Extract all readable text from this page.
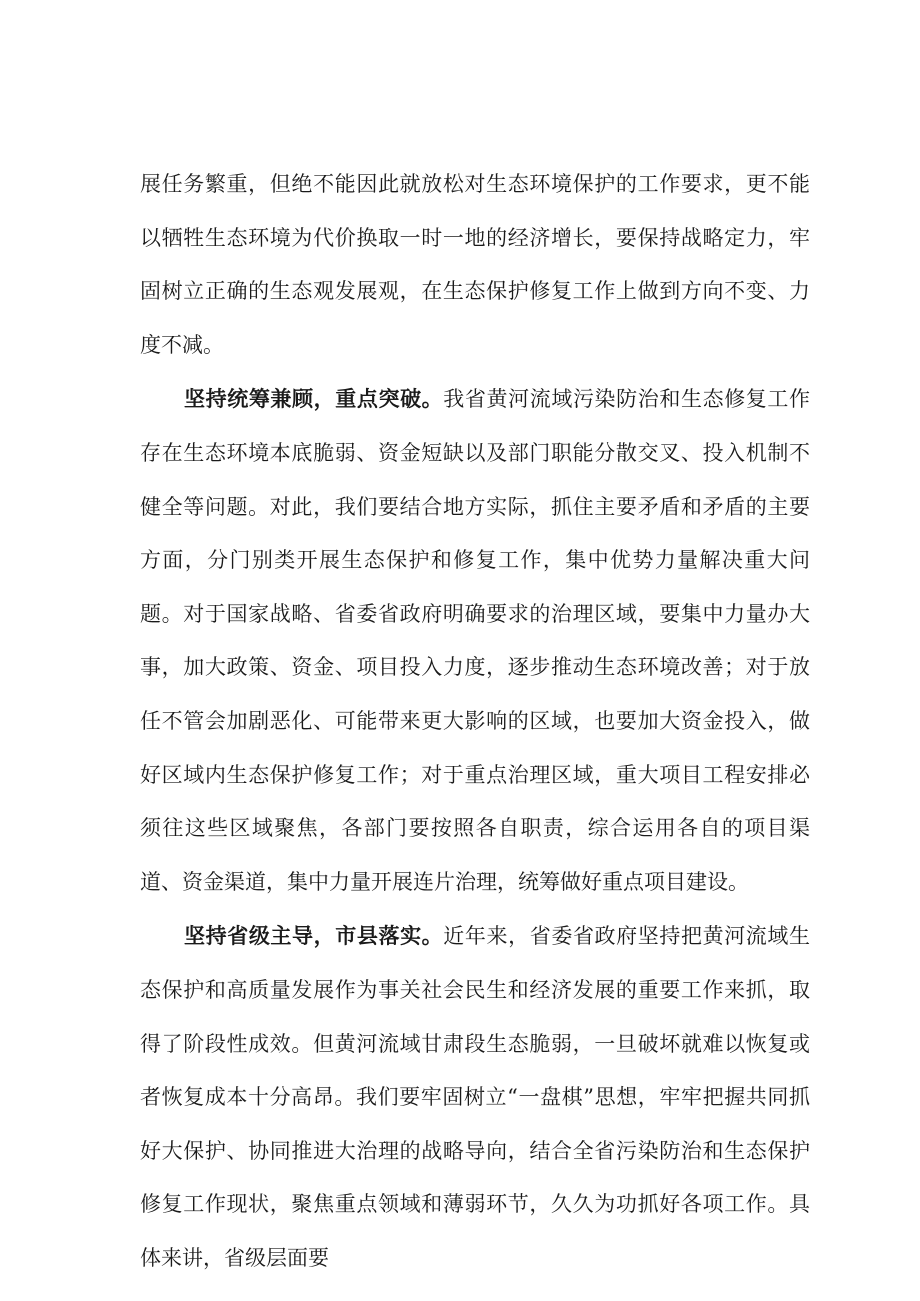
展任务繁重，但绝不能因此就放松对生态环境保护的工作要求，更不能以牺牲生态环境为代价换取一时一地的经济增长，要保持战略定力，牢固树立正确的生态观发展观，在生态保护修复工作上做到方向不变、力度不减。

坚持统筹兼顾，重点突破。我省黄河流域污染防治和生态修复工作存在生态环境本底脆弱、资金短缺以及部门职能分散交叉、投入机制不健全等问题。对此，我们要结合地方实际，抓住主要矛盾和矛盾的主要方面，分门别类开展生态保护和修复工作，集中优势力量解决重大问题。对于国家战略、省委省政府明确要求的治理区域，要集中力量办大事，加大政策、资金、项目投入力度，逐步推动生态环境改善；对于放任不管会加剧恶化、可能带来更大影响的区域，也要加大资金投入，做好区域内生态保护修复工作；对于重点治理区域，重大项目工程安排必须往这些区域聚焦，各部门要按照各自职责，综合运用各自的项目渠道、资金渠道，集中力量开展连片治理，统筹做好重点项目建设。

坚持省级主导，市县落实。近年来，省委省政府坚持把黄河流域生态保护和高质量发展作为事关社会民生和经济发展的重要工作来抓，取得了阶段性成效。但黄河流域甘肃段生态脆弱，一旦破坏就难以恢复或者恢复成本十分高昂。我们要牢固树立“一盘棋”思想，牢牢把握共同抓好大保护、协同推进大治理的战略导向，结合全省污染防治和生态保护修复工作现状，聚焦重点领域和薄弱环节，久久为功抓好各项工作。具体来讲，省级层面要
